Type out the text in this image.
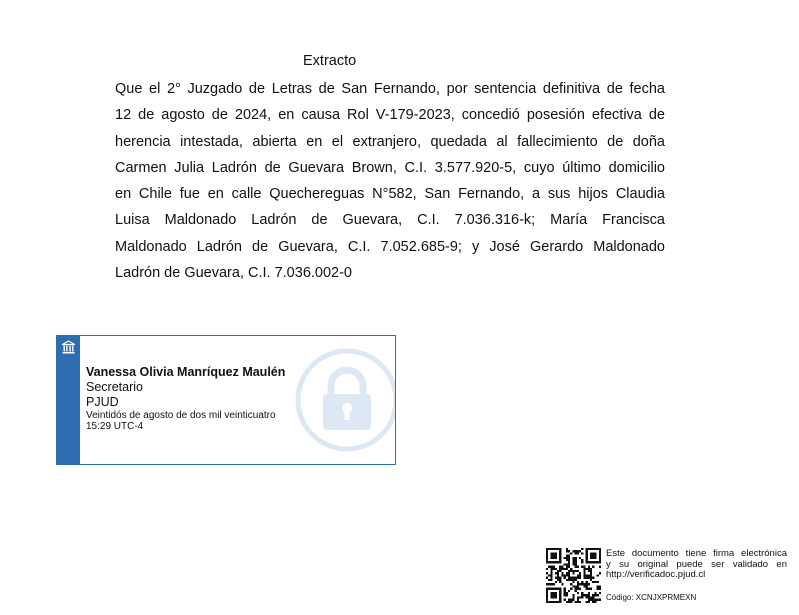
Extracto
Que el 2° Juzgado de Letras de San Fernando, por sentencia definitiva de fecha
12 de agosto de 2024, en causa Rol V-179-2023, concedió posesión efectiva de
herencia intestada, abierta en el extranjero, quedada al fallecimiento de doña
Carmen Julia Ladrón de Guevara Brown, C.I. 3.577.920-5, cuyo último domicilio
en Chile fue en calle Quechereguas N°582, San Fernando, a sus hijos Claudia
Luisa Maldonado Ladrón de Guevara, C.I. 7.036.316-k; María Francisca
Maldonado Ladrón de Guevara, C.I. 7.052.685-9; y José Gerardo Maldonado
Ladrón de Guevara, C.I. 7.036.002-0
Vanessa Olivia Manríquez Maulén
Secretario
PJUD
Veintidós de agosto de dos mil veinticuatro
15:29 UTC-4
Este documento tiene firma electrónica
y su original puede ser validado en
http://verificadoc.pjud.cl
Código: XCNJXPRMEXN
